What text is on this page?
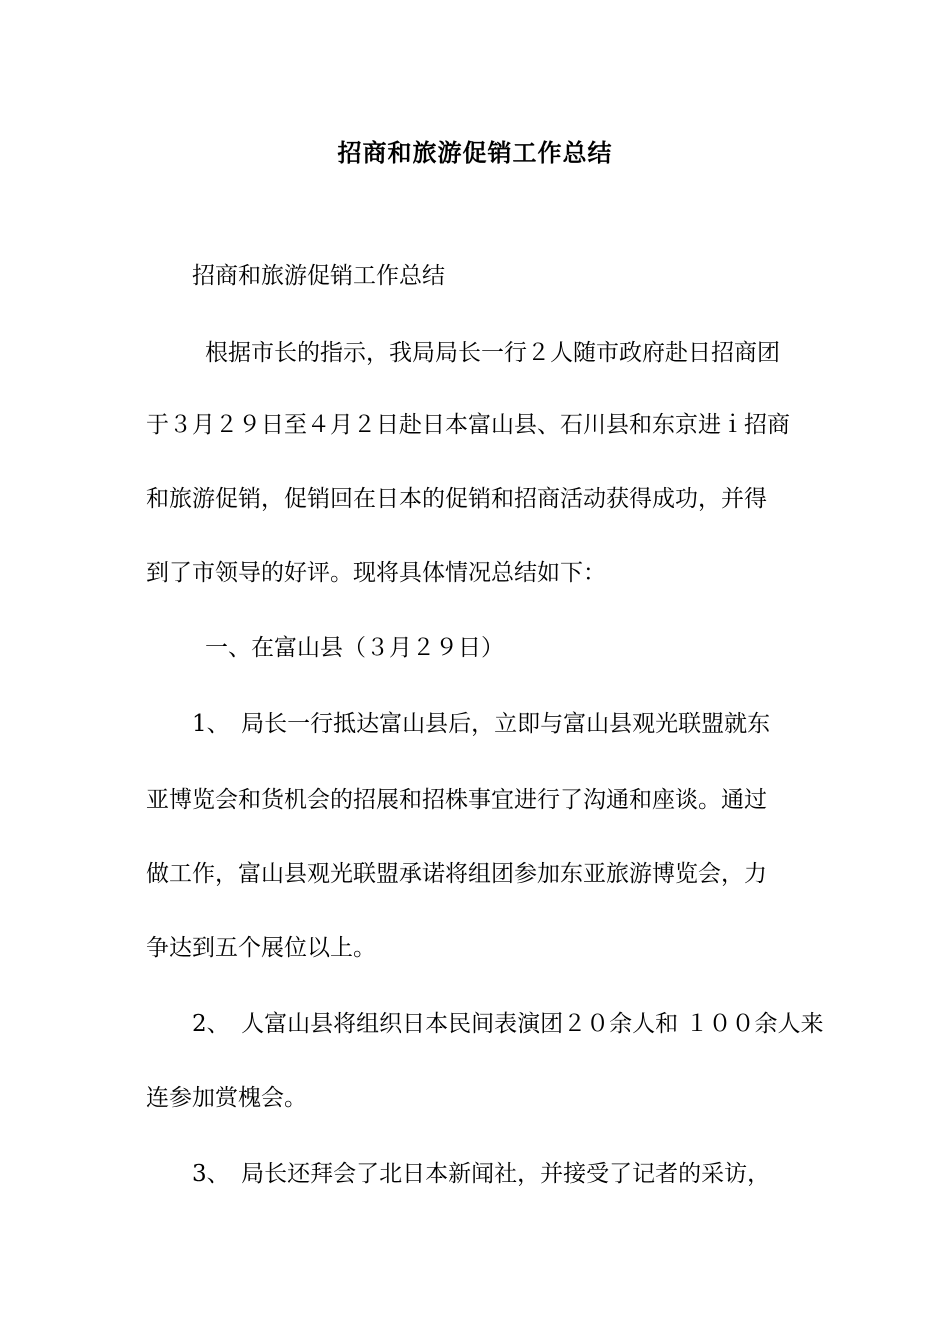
招商和旅游促销工作总结
招商和旅游促销工作总结
根据市长的指示，我局局长一行２人随市政府赴日招商团
于３月２９日至４月２日赴日本富山县、石川县和东京进ｉ招商
和旅游促销，促销回在日本的促销和招商活动获得成功，并得
到了市领导的好评。现将具体情况总结如下：
一、在富山县（３月２９日）
1、　局长一行抵达富山县后，立即与富山县观光联盟就东
亚博览会和货机会的招展和招株事宜进行了沟通和座谈。通过
做工作，富山县观光联盟承诺将组团参加东亚旅游博览会，力
争达到五个展位以上。
2、　人富山县将组织日本民间表演团２０余人和 １００余人来
连参加赏槐会。
3、　局长还拜会了北日本新闻社，并接受了记者的采访，
